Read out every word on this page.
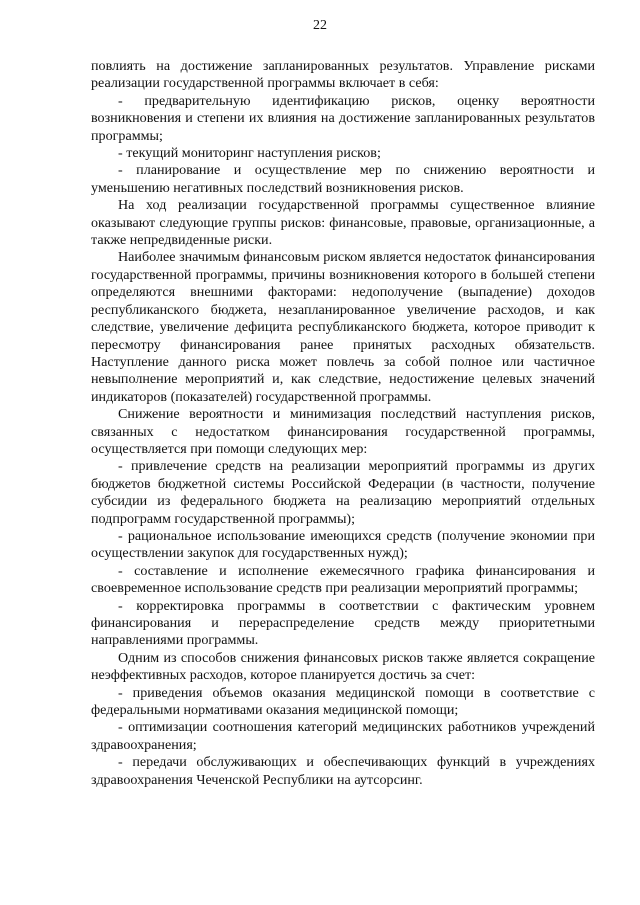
22

повлиять на достижение запланированных результатов. Управление рисками реализации государственной программы включает в себя:

- предварительную идентификацию рисков, оценку вероятности возникновения и степени их влияния на достижение запланированных результатов программы;

- текущий мониторинг наступления рисков;

- планирование и осуществление мер по снижению вероятности и уменьшению негативных последствий возникновения рисков.

На ход реализации государственной программы существенное влияние оказывают следующие группы рисков: финансовые, правовые, организационные, а также непредвиденные риски.

Наиболее значимым финансовым риском является недостаток финансирования государственной программы, причины возникновения которого в большей степени определяются внешними факторами: недополучение (выпадение) доходов республиканского бюджета, незапланированное увеличение расходов, и как следствие, увеличение дефицита республиканского бюджета, которое приводит к пересмотру финансирования ранее принятых расходных обязательств. Наступление данного риска может повлечь за собой полное или частичное невыполнение мероприятий и, как следствие, недостижение целевых значений индикаторов (показателей) государственной программы.

Снижение вероятности и минимизация последствий наступления рисков, связанных с недостатком финансирования государственной программы, осуществляется при помощи следующих мер:

- привлечение средств на реализации мероприятий программы из других бюджетов бюджетной системы Российской Федерации (в частности, получение субсидии из федерального бюджета на реализацию мероприятий отдельных подпрограмм государственной программы);

- рациональное использование имеющихся средств (получение экономии при осуществлении закупок для государственных нужд);

- составление и исполнение ежемесячного графика финансирования и своевременное использование средств при реализации мероприятий программы;

- корректировка программы в соответствии с фактическим уровнем финансирования и перераспределение средств между приоритетными направлениями программы.

Одним из способов снижения финансовых рисков также является сокращение неэффективных расходов, которое планируется достичь за счет:

- приведения объемов оказания медицинской помощи в соответствие с федеральными нормативами оказания медицинской помощи;

- оптимизации соотношения категорий медицинских работников учреждений здравоохранения;

- передачи обслуживающих и обеспечивающих функций в учреждениях здравоохранения Чеченской Республики на аутсорсинг.
